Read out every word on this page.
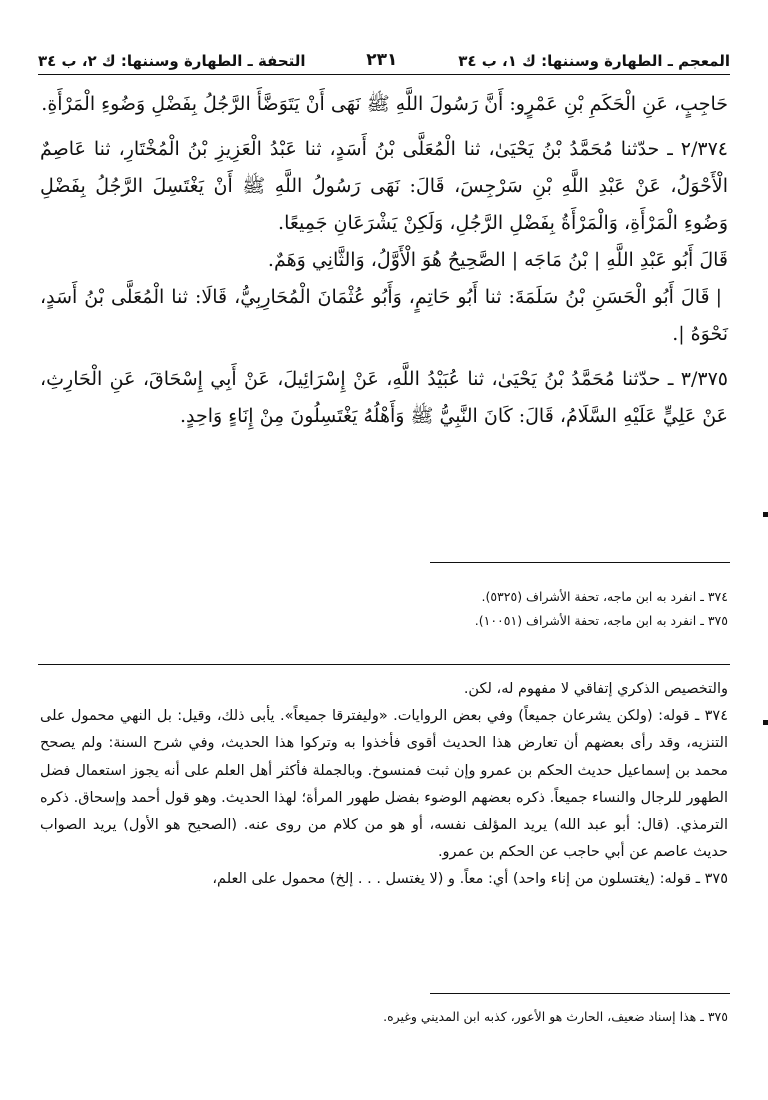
المعجم ـ الطهارة وسننها: ك ١، ب ٣٤
٢٣١
التحفة ـ الطهارة وسننها: ك ٢، ب ٣٤

حَاجِبٍ، عَنِ الْحَكَمِ بْنِ عَمْرٍو: أَنَّ رَسُولَ اللَّهِ ﷺ نَهَى أَنْ يَتَوَضَّأَ الرَّجُلُ بِفَضْلِ وَضُوءِ الْمَرْأَةِ.

٢/٣٧٤ ـ حدّثنا مُحَمَّدُ بْنُ يَحْيَىٰ، ثنا الْمُعَلَّى بْنُ أَسَدٍ، ثنا عَبْدُ الْعَزِيزِ بْنُ الْمُخْتَارِ، ثنا عَاصِمٌ الْأَحْوَلُ، عَنْ عَبْدِ اللَّهِ بْنِ سَرْجِسَ، قَالَ: نَهَى رَسُولُ اللَّهِ ﷺ أَنْ يَغْتَسِلَ الرَّجُلُ بِفَضْلِ وَضُوءِ الْمَرْأَةِ، وَالْمَرْأَةُ بِفَضْلِ الرَّجُلِ، وَلَكِنْ يَشْرَعَانِ جَمِيعًا.

قَالَ أَبُو عَبْدِ اللَّهِ|بْنُ مَاجَه|الصَّحِيحُ هُوَ الْأَوَّلُ، وَالثَّانِي وَهَمٌ.

|قَالَ أَبُو الْحَسَنِ بْنُ سَلَمَةَ: ثنا أَبُو حَاتِمٍ، وَأَبُو عُثْمَانَ الْمُحَارِبِيُّ، قَالَا: ثنا الْمُعَلَّى بْنُ أَسَدٍ، نَحْوَهُ|.

٣/٣٧٥ ـ حدّثنا مُحَمَّدُ بْنُ يَحْيَىٰ، ثنا عُبَيْدُ اللَّهِ، عَنْ إِسْرَائِيلَ، عَنْ أَبِي إِسْحَاقَ، عَنِ الْحَارِثِ، عَنْ عَلِيٍّ عَلَيْهِ السَّلَامُ، قَالَ: كَانَ النَّبِيُّ ﷺ وَأَهْلُهُ يَغْتَسِلُونَ مِنْ إِنَاءٍ وَاحِدٍ.

٣٧٤ ـ انفرد به ابن ماجه، تحفة الأشراف (٥٣٢٥).
٣٧٥ ـ انفرد به ابن ماجه، تحفة الأشراف (١٠٠٥١).

والتخصيص الذكري إتفاقي لا مفهوم له، لكن.

٣٧٤ ـ قوله: (ولكن يشرعان جميعاً) وفي بعض الروايات. «وليفترقا جميعاً». يأبى ذلك، وقيل: بل النهي محمول على التنزيه، وقد رأى بعضهم أن تعارض هذا الحديث أقوى فأخذوا به وتركوا هذا الحديث، وفي شرح السنة: ولم يصحح محمد بن إسماعيل حديث الحكم بن عمرو وإن ثبت فمنسوخ. وبالجملة فأكثر أهل العلم على أنه يجوز استعمال فضل الطهور للرجال والنساء جميعاً. ذكره بعضهم الوضوء بفضل طهور المرأة؛ لهذا الحديث. وهو قول أحمد وإسحاق. ذكره الترمذي. (قال: أبو عبد الله) يريد المؤلف نفسه، أو هو من كلام من روى عنه. (الصحيح هو الأول) يريد الصواب حديث عاصم عن أبي حاجب عن الحكم بن عمرو.

٣٧٥ ـ قوله: (يغتسلون من إناء واحد) أي: معاً. و (لا يغتسل . . . إلخ) محمول على العلم،

٣٧٥ ـ هذا إسناد ضعيف، الحارث هو الأعور، كذبه ابن المديني وغيره.
